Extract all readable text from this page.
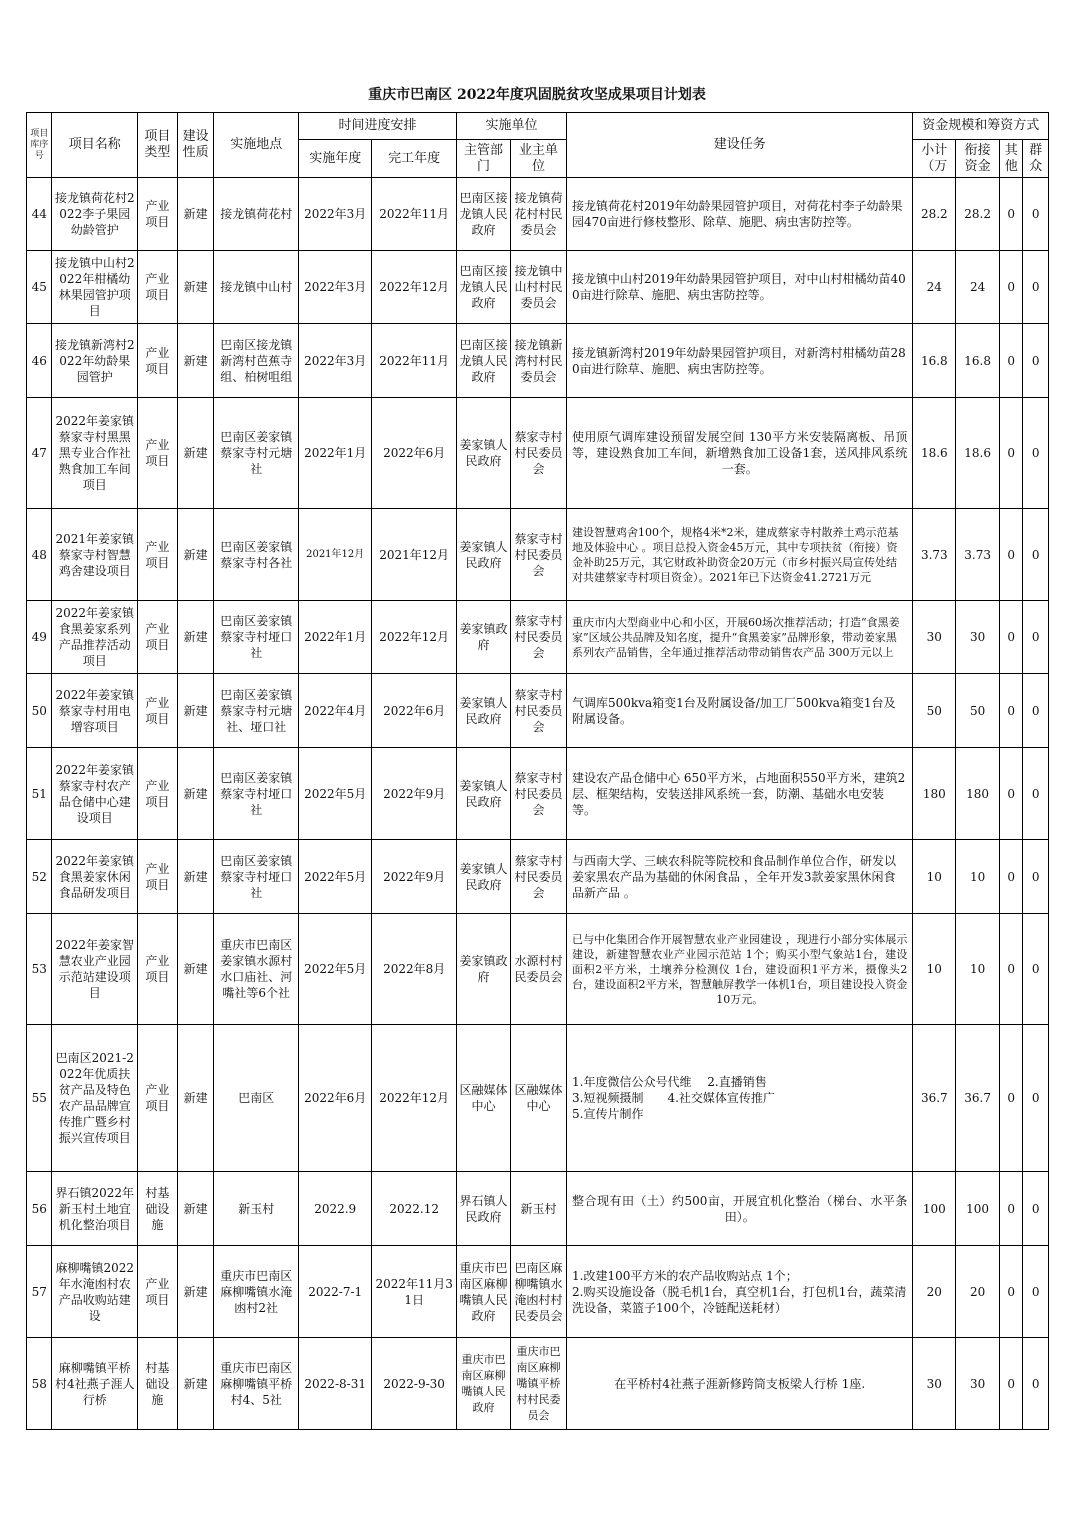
重庆市巴南区 2022年度巩固脱贫攻坚成果项目计划表
项目库序号	项目名称	项目类型	建设性质	实施地点	时间进度安排		实施单位		建设任务	资金规模和筹资方式			
					实施年度	完工年度	主管部门	业主单位		小计（万	衔接资金	其他	群众
44	接龙镇荷花村2022李子果园幼龄管护	产业项目	新建	接龙镇荷花村	2022年3月	2022年11月	巴南区接龙镇人民政府	接龙镇荷花村村民委员会	接龙镇荷花村2019年幼龄果园管护项目，对荷花村李子幼龄果园470亩进行修枝整形、除草、施肥、病虫害防控等。	28.2	28.2	0	0
45	接龙镇中山村2022年柑橘幼林果园管护项目	产业项目	新建	接龙镇中山村	2022年3月	2022年12月	巴南区接龙镇人民政府	接龙镇中山村村民委员会	接龙镇中山村2019年幼龄果园管护项目，对中山村柑橘幼苗400亩进行除草、施肥、病虫害防控等。	24	24	0	0
46	接龙镇新湾村2022年幼龄果园管护	产业项目	新建	巴南区接龙镇新湾村芭蕉寺组、柏树咀组	2022年3月	2022年11月	巴南区接龙镇人民政府	接龙镇新湾村村民委员会	接龙镇新湾村2019年幼龄果园管护项目，对新湾村柑橘幼苗280亩进行除草、施肥、病虫害防控等。	16.8	16.8	0	0
47	2022年姜家镇蔡家寺村黑黑黑专业合作社熟食加工车间项目	产业项目	新建	巴南区姜家镇蔡家寺村元塘社	2022年1月	2022年6月	姜家镇人民政府	蔡家寺村村民委员会	使用原气调库建设预留发展空间 130平方米安装隔离板、吊顶等，建设熟食加工车间，新增熟食加工设备1套，送风排风系统一套。	18.6	18.6	0	0
48	2021年姜家镇蔡家寺村智慧鸡舍建设项目	产业项目	新建	巴南区姜家镇蔡家寺村各社	2021年12月	2021年12月	姜家镇人民政府	蔡家寺村村民委员会	建设智慧鸡舍100个，规格4米*2米，建成蔡家寺村散养土鸡示范基地及体验中心 。项目总投入资金45万元，其中专项扶贫（衔接）资金补助25万元，其它财政补助资金20万元（市乡村振兴局宣传处结对共建蔡家寺村项目资金）。2021年已下达资金41.2721万元	3.73	3.73	0	0
49	2022年姜家镇食黑姜家系列产品推荐活动项目	产业项目	新建	巴南区姜家镇蔡家寺村垭口社	2022年1月	2022年12月	姜家镇政府	蔡家寺村村民委员会	重庆市内大型商业中心和小区，开展60场次推荐活动；打造“食黑姜家”区域公共品牌及知名度，提升“食黑姜家”品牌形象，带动姜家黑系列农产品销售，全年通过推荐活动带动销售农产品 300万元以上	30	30	0	0
50	2022年姜家镇蔡家寺村用电增容项目	产业项目	新建	巴南区姜家镇蔡家寺村元塘社、垭口社	2022年4月	2022年6月	姜家镇人民政府	蔡家寺村村民委员会	气调库500kva箱变1台及附属设备/加工厂500kva箱变1台及附属设备。	50	50	0	0
51	2022年姜家镇蔡家寺村农产品仓储中心建设项目	产业项目	新建	巴南区姜家镇蔡家寺村垭口社	2022年5月	2022年9月	姜家镇人民政府	蔡家寺村村民委员会	建设农产品仓储中心 650平方米，占地面积550平方米，建筑2层、框架结构，安装送排风系统一套，防潮、基础水电安装等。	180	180	0	0
52	2022年姜家镇食黑姜家休闲食品研发项目	产业项目	新建	巴南区姜家镇蔡家寺村垭口社	2022年5月	2022年9月	姜家镇人民政府	蔡家寺村村民委员会	与西南大学、三峡农科院等院校和食品制作单位合作，研发以姜家黑农产品为基础的休闲食品 ，全年开发3款姜家黑休闲食品新产品 。	10	10	0	0
53	2022年姜家智慧农业产业园示范站建设项目	产业项目	新建	重庆市巴南区姜家镇水源村水口庙社、河嘴社等6个社	2022年5月	2022年8月	姜家镇政府	水源村村民委员会	已与中化集团合作开展智慧农业产业园建设 ，现进行小部分实体展示建设，新建智慧农业产业园示范站 1个；购买小型气象站1台，建设面积2平方米，土壤养分检测仪 1台，建设面积1平方米，摄像头2台，建设面积2平方米，智慧触屏教学一体机1台，项目建设投入资金10万元。	10	10	0	0
55	巴南区2021-2022年优质扶贫产品及特色农产品品牌宣传推广暨乡村振兴宣传项目	产业项目	新建	巴南区	2022年6月	2022年12月	区融媒体中心	区融媒体中心	1.年度微信公众号代维　 2.直播销售
3.短视频摄制　　4.社交媒体宣传推广
5.宣传片制作	36.7	36.7	0	0
56	界石镇2022年新玉村土地宜机化整治项目	村基础设施	新建	新玉村	2022.9	2022.12	界石镇人民政府	新玉村	整合现有田（土）约500亩，开展宜机化整治（梯台、水平条田）。	100	100	0	0
57	麻柳嘴镇2022年水淹凼村农产品收购站建设	产业项目	新建	重庆市巴南区麻柳嘴镇水淹凼村2社	2022-7-1	2022年11月31日	重庆市巴南区麻柳嘴镇人民政府	巴南区麻柳嘴镇水淹凼村村民委员会	1.改建100平方米的农产品收购站点 1个；
2.购买设施设备（脱毛机1台，真空机1台，打包机1台，蔬菜清洗设备，菜篮子100个，冷链配送耗材）	20	20	0	0
58	麻柳嘴镇平桥村4社燕子涯人行桥	村基础设施	新建	重庆市巴南区麻柳嘴镇平桥村4、5社	2022-8-31	2022-9-30	重庆市巴南区麻柳嘴镇人民政府	重庆市巴南区麻柳嘴镇平桥村村民委员会	在平桥村4社燕子涯新修跨筒支板梁人行桥 1座.	30	30	0	0
